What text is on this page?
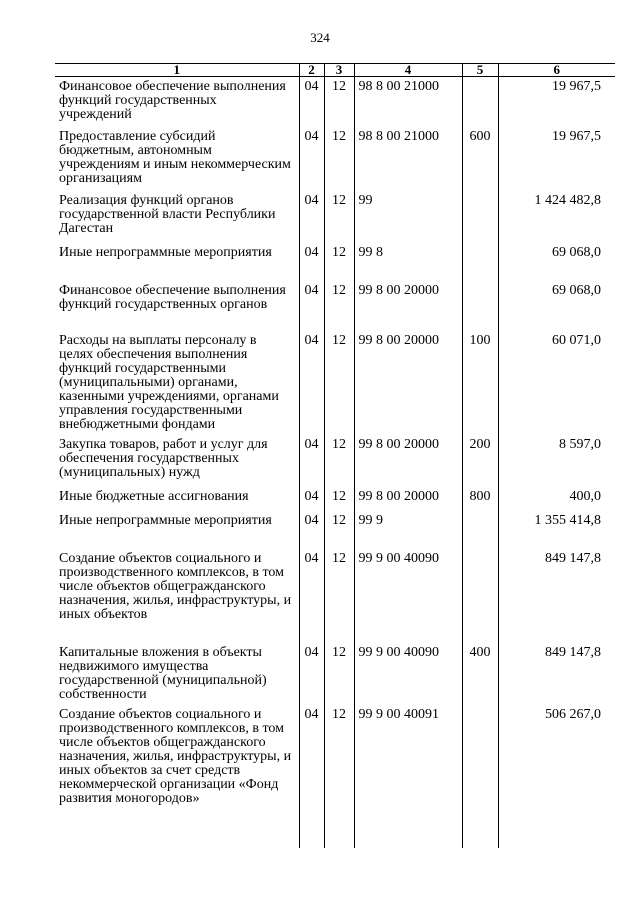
324
1	2	3	4	5	6
Финансовое обеспечение выполнения функций государственных учреждений	04	12	98 8 00 21000		19 967,5
Предоставление субсидий бюджетным, автономным учреждениям и иным некоммерческим организациям	04	12	98 8 00 21000	600	19 967,5
Реализация функций органов государственной власти Республики Дагестан	04	12	99		1 424 482,8
Иные непрограммные мероприятия	04	12	99 8		69 068,0
Финансовое обеспечение выполнения функций государственных органов	04	12	99 8 00 20000		69 068,0
Расходы на выплаты персоналу в целях обеспечения выполнения функций государственными (муниципальными) органами, казенными учреждениями, органами управления государственными внебюджетными фондами	04	12	99 8 00 20000	100	60 071,0
Закупка товаров, работ и услуг для обеспечения государственных (муниципальных) нужд	04	12	99 8 00 20000	200	8 597,0
Иные бюджетные ассигнования	04	12	99 8 00 20000	800	400,0
Иные непрограммные мероприятия	04	12	99 9		1 355 414,8
Создание объектов социального и производственного комплексов, в том числе объектов общегражданского назначения, жилья, инфраструктуры, и иных объектов	04	12	99 9 00 40090		849 147,8
Капитальные вложения в объекты недвижимого имущества государственной (муниципальной) собственности	04	12	99 9 00 40090	400	849 147,8
Создание объектов социального и производственного комплексов, в том числе объектов общегражданского назначения, жилья, инфраструктуры, и иных объектов за счет средств некоммерческой организации «Фонд развития моногородов»	04	12	99 9 00 40091		506 267,0
